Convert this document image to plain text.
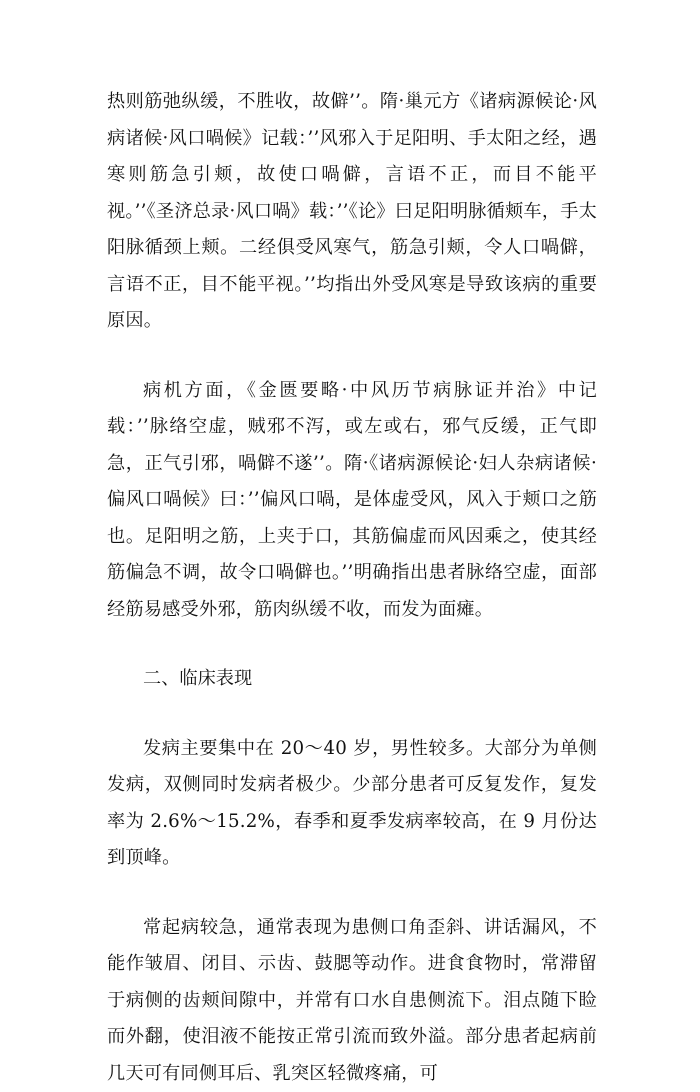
热则筋弛纵缓，不胜收，故僻’’。隋·巢元方《诸病源候论·风病诸候·风口喎候》记载：’’风邪入于足阳明、手太阳之经，遇寒则筋急引颊，故使口喎僻，言语不正，而目不能平视。’’《圣济总录·风口喎》载：’’《论》曰足阳明脉循颊车，手太阳脉循颈上颊。二经俱受风寒气，筋急引颊，令人口喎僻，言语不正，目不能平视。’’均指出外受风寒是导致该病的重要原因。

病机方面，《金匮要略·中风历节病脉证并治》中记载：’’脉络空虚，贼邪不泻，或左或右，邪气反缓，正气即急，正气引邪，喎僻不遂’’。隋·《诸病源候论·妇人杂病诸候·偏风口喎候》曰：’’偏风口喎，是体虚受风，风入于颊口之筋也。足阳明之筋，上夹于口，其筋偏虚而风因乘之，使其经筋偏急不调，故令口喎僻也。’’明确指出患者脉络空虚，面部经筋易感受外邪，筋肉纵缓不收，而发为面瘫。

二、临床表现

发病主要集中在 20～40 岁，男性较多。大部分为单侧发病，双侧同时发病者极少。少部分患者可反复发作，复发率为 2.6%～15.2%，春季和夏季发病率较高，在 9 月份达到顶峰。

常起病较急，通常表现为患侧口角歪斜、讲话漏风，不能作皱眉、闭目、示齿、鼓腮等动作。进食食物时，常滞留于病侧的齿颊间隙中，并常有口水自患侧流下。泪点随下睑而外翻，使泪液不能按正常引流而致外溢。部分患者起病前几天可有同侧耳后、乳突区轻微疼痛，可
